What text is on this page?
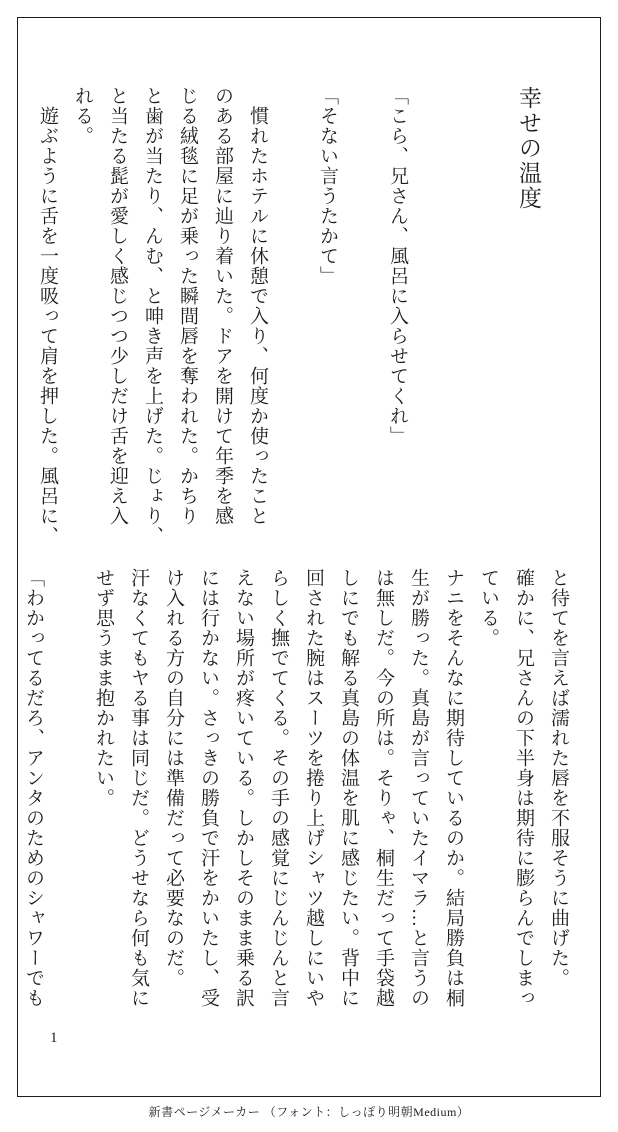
幸せの温度
「こら、兄さん、風呂に入らせてくれ」

「そない言うたかて」

　慣れたホテルに休憩で入り、何度か使ったこと
のある部屋に辿り着いた。ドアを開けて年季を感
じる絨毯に足が乗った瞬間唇を奪われた。かちり
と歯が当たり、んむ、と呻き声を上げた。じょり、
と当たる髭が愛しく感じつつ少しだけ舌を迎え入
れる。
　遊ぶように舌を一度吸って肩を押した。風呂に、
と待てを言えば濡れた唇を不服そうに曲げた。
確かに、兄さんの下半身は期待に膨らんでしまっ
ている。
ナニをそんなに期待しているのか。結局勝負は桐
生が勝った。真島が言っていたイマラ…と言うの
は無しだ。今の所は。そりゃ、桐生だって手袋越
しにでも解る真島の体温を肌に感じたい。背中に
回された腕はスーツを捲り上げシャツ越しにいや
らしく撫でてくる。その手の感覚にじんじんと言
えない場所が疼いている。しかしそのまま乗る訳
には行かない。さっきの勝負で汗をかいたし、受
け入れる方の自分には準備だって必要なのだ。
汗なくてもヤる事は同じだ。どうせなら何も気に
せず思うまま抱かれたい。

「わかってるだろ、アンタのためのシャワーでも
1
新書ページメーカー （フォント：しっぽり明朝Medium）
